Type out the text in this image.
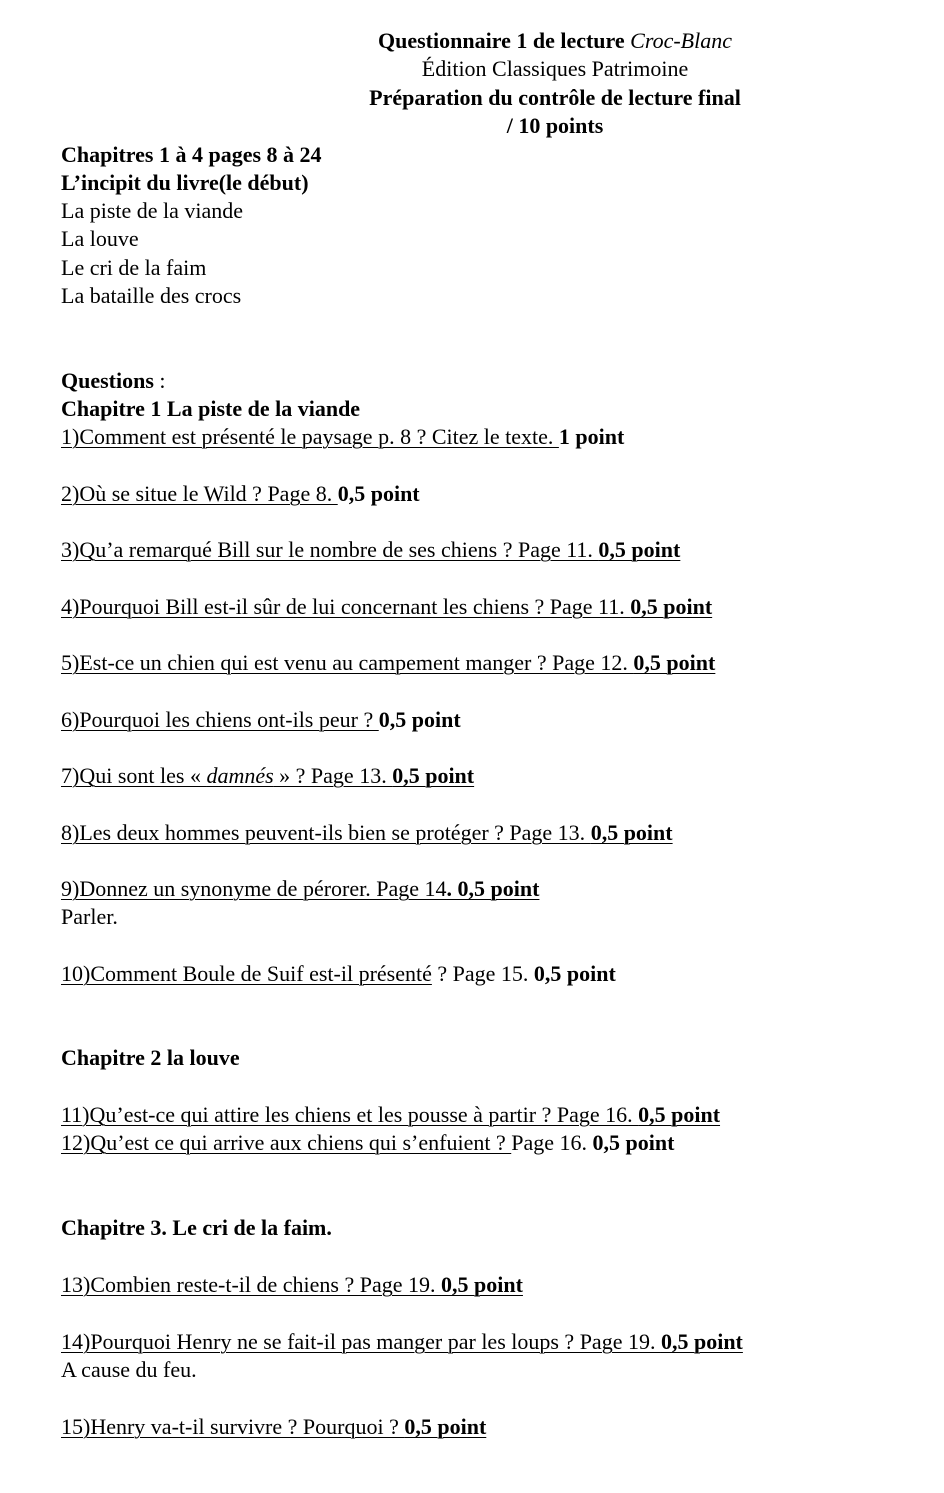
Questionnaire 1 de lecture Croc-Blanc
Édition Classiques Patrimoine
Préparation du contrôle de lecture final
/ 10 points
Chapitres 1 à 4 pages 8 à 24
L’incipit du livre(le début)
La piste de la viande
La louve
Le cri de la faim
La bataille des crocs
Questions :
Chapitre 1 La piste de la viande
1)Comment est présenté le paysage p. 8 ? Citez le texte. 1 point
2)Où se situe le Wild ? Page 8. 0,5 point
3)Qu’a remarqué Bill sur le nombre de ses chiens ? Page 11. 0,5 point
4)Pourquoi Bill est-il sûr de lui concernant les chiens ? Page 11. 0,5 point
5)Est-ce un chien qui est venu au campement manger ? Page 12. 0,5 point
6)Pourquoi les chiens ont-ils peur ? 0,5 point
7)Qui sont les « damnés » ? Page 13. 0,5 point
8)Les deux hommes peuvent-ils bien se protéger ? Page 13. 0,5 point
9)Donnez un synonyme de pérorer. Page 14. 0,5 point
Parler.
10)Comment Boule de Suif est-il présenté ? Page 15. 0,5 point
Chapitre 2 la louve
11)Qu’est-ce qui attire les chiens et les pousse à partir ? Page 16. 0,5 point
12)Qu’est ce qui arrive aux chiens qui s’enfuient ? Page 16. 0,5 point
Chapitre 3. Le cri de la faim.
13)Combien reste-t-il de chiens ? Page 19. 0,5 point
14)Pourquoi Henry ne se fait-il pas manger par les loups ? Page 19. 0,5 point
A cause du feu.
15)Henry va-t-il survivre ? Pourquoi ? 0,5 point
